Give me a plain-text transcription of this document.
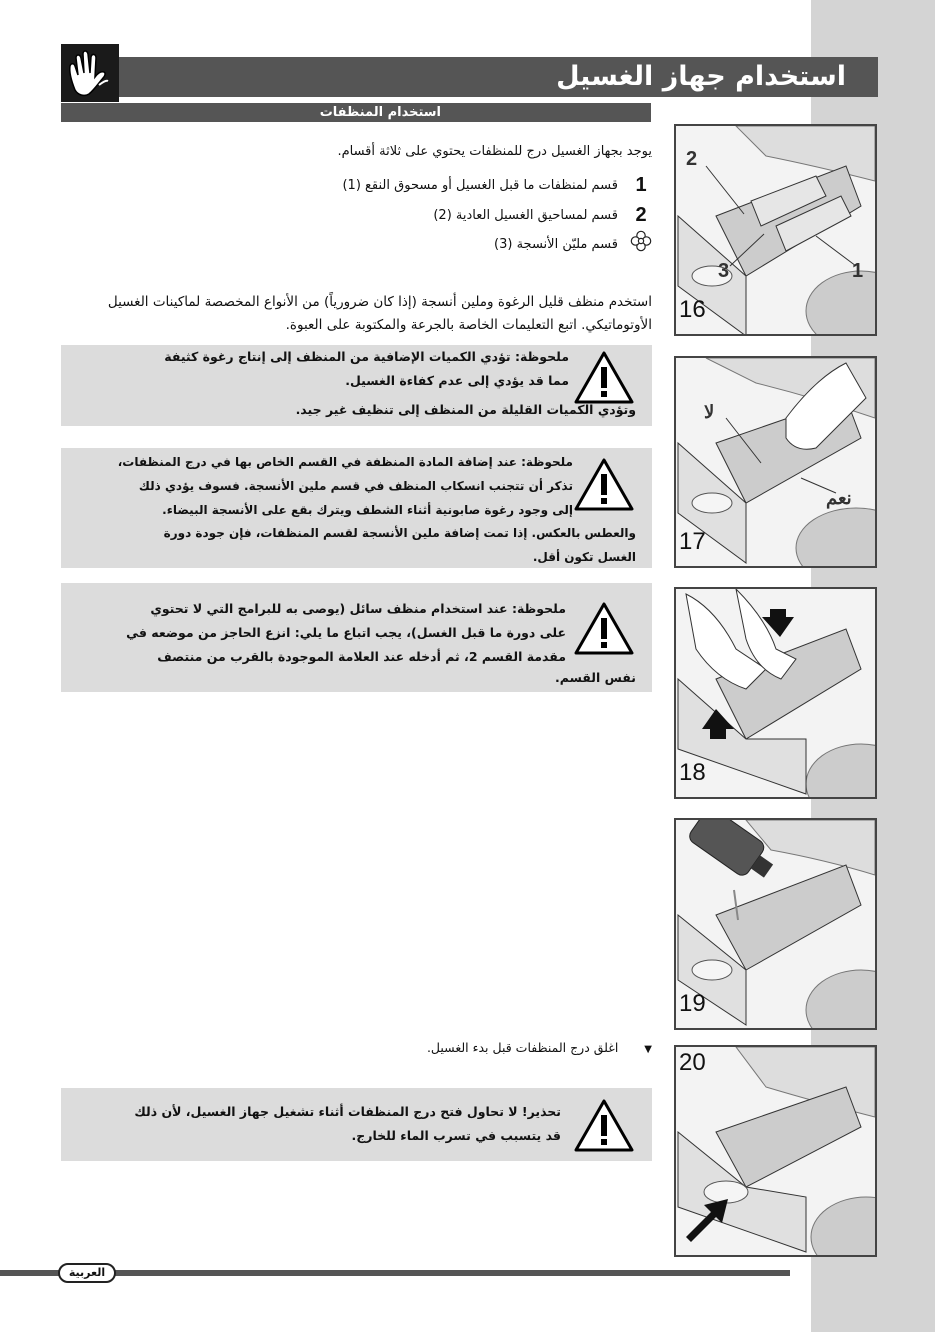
استخدام جهاز الغسيل
استخدام المنظفات
يوجد بجهاز الغسيل درج للمنظفات يحتوي على ثلاثة أقسام.
1
قسم لمنظفات ما قبل الغسيل أو مسحوق النقع (1)
2
قسم لمساحيق الغسيل العادية (2)
قسم مليّن الأنسجة (3)
استخدم منظف قليل الرغوة وملين أنسجة (إذا كان ضرورياً) من الأنواع المخصصة لماكينات الغسيل الأوتوماتيكي. اتبع التعليمات الخاصة بالجرعة والمكتوبة على العبوة.
ملحوظة: تؤدي الكميات الإضافية من المنظف إلى إنتاج رغوة كثيفة
مما قد يؤدي إلى عدم كفاءة الغسيل.
وتؤدي الكميات القليلة من المنظف إلى تنظيف غير جيد.
ملحوظة: عند إضافة المادة المنظفة في القسم الخاص بها في درج المنظفات،
تذكر أن تتجنب انسكاب المنظف في قسم ملين الأنسجة. فسوف يؤدي ذلك
إلى وجود رغوة صابونية أثناء الشطف ويترك بقع على الأنسجة البيضاء.
والعطس بالعكس. إذا تمت إضافة ملين الأنسجة لقسم المنظفات، فإن جودة دورة
الغسل تكون أقل.
ملحوظة: عند استخدام منظف سائل (يوصى به للبرامج التي لا تحتوي
على دورة ما قبل الغسل)، يجب اتباع ما يلي: انزع الحاجز من موضعه في
مقدمة القسم 2، ثم أدخله عند العلامة الموجودة بالقرب من منتصف
نفس القسم.
▼ اغلق درج المنظفات قبل بدء الغسيل.
تحذير! لا تحاول فتح درج المنظفات أثناء تشغيل جهاز الغسيل، لأن ذلك
قد يتسبب في تسرب الماء للخارج.
2
3	1
16
لا
نعم
17
18
19
20
العربية
